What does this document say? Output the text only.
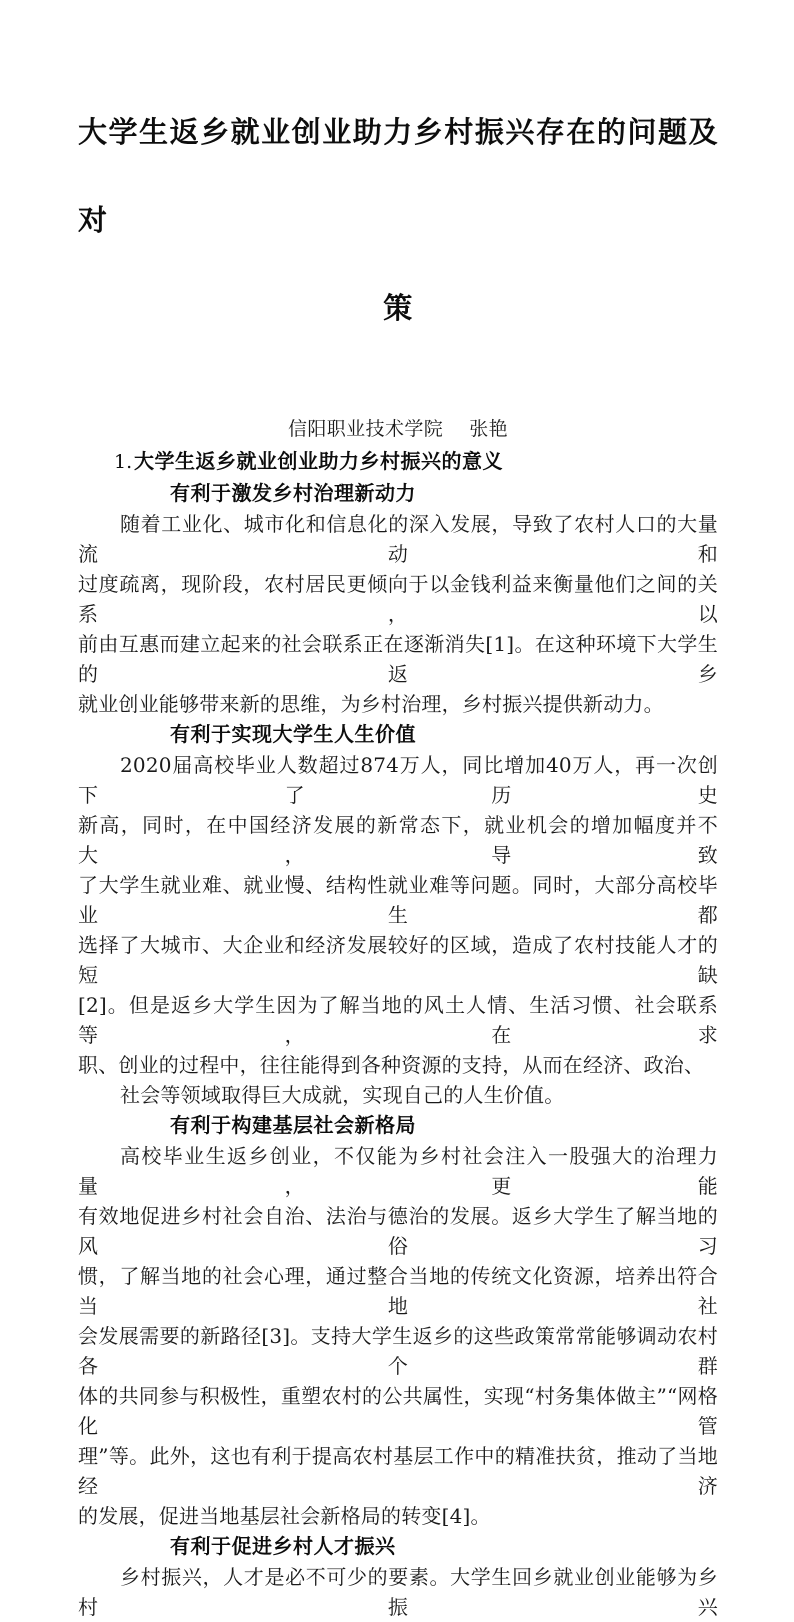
大学生返乡就业创业助力乡村振兴存在的问题及对
策

信阳职业技术学院 张艳

1. 大学生返乡就业创业助力乡村振兴的意义
有利于激发乡村治理新动力

随着工业化、城市化和信息化的深入发展，导致了农村人口的大量流动和
过度疏离，现阶段，农村居民更倾向于以金钱利益来衡量他们之间的关系，以
前由互惠而建立起来的社会联系正在逐渐消失[1]。在这种环境下大学生的返乡
就业创业能够带来新的思维，为乡村治理，乡村振兴提供新动力。

有利于实现大学生人生价值

2020届高校毕业人数超过874万人，同比增加40万人，再一次创下了历史
新高，同时，在中国经济发展的新常态下，就业机会的增加幅度并不大，导致
了大学生就业难、就业慢、结构性就业难等问题。同时，大部分高校毕业生都
选择了大城市、大企业和经济发展较好的区域，造成了农村技能人才的短缺
[2]。但是返乡大学生因为了解当地的风土人情、生活习惯、社会联系等，在求
职、创业的过程中，往往能得到各种资源的支持，从而在经济、政治、
社会等领域取得巨大成就，实现自己的人生价值。

有利于构建基层社会新格局

高校毕业生返乡创业，不仅能为乡村社会注入一股强大的治理力量，更能
有效地促进乡村社会自治、法治与德治的发展。返乡大学生了解当地的风俗习
惯，了解当地的社会心理，通过整合当地的传统文化资源，培养出符合当地社
会发展需要的新路径[3]。支持大学生返乡的这些政策常常能够调动农村各个群
体的共同参与积极性，重塑农村的公共属性，实现“村务集体做主”“网格化管
理”等。此外，这也有利于提高农村基层工作中的精准扶贫，推动了当地经济
的发展，促进当地基层社会新格局的转变[4]。

有利于促进乡村人才振兴

乡村振兴，人才是必不可少的要素。大学生回乡就业创业能够为乡村振兴
